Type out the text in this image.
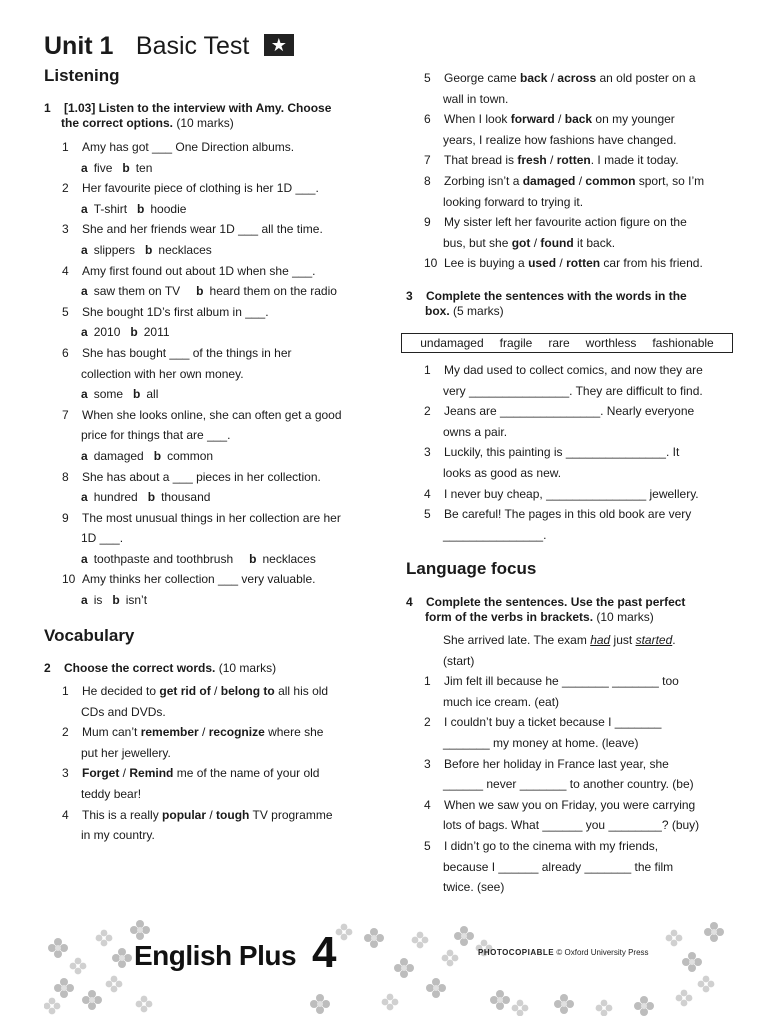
Unit 1 Basic Test ★
Listening
1 [1.03] Listen to the interview with Amy. Choose
the correct options. (10 marks)
1 Amy has got ___ One Direction albums.
a five b ten
2 Her favourite piece of clothing is her 1D ___.
a T-shirt b hoodie
3 She and her friends wear 1D ___ all the time.
a slippers b necklaces
4 Amy first found out about 1D when she ___.
a saw them on TV b heard them on the radio
5 She bought 1D’s first album in ___.
a 2010 b 2011
6 She has bought ___ of the things in her
collection with her own money.
a some b all
7 When she looks online, she can often get a good
price for things that are ___.
a damaged b common
8 She has about a ___ pieces in her collection.
a hundred b thousand
9 The most unusual things in her collection are her
1D ___.
a toothpaste and toothbrush b necklaces
10 Amy thinks her collection ___ very valuable.
a is b isn’t
Vocabulary
2 Choose the correct words. (10 marks)
1 He decided to get rid of / belong to all his old
CDs and DVDs.
2 Mum can’t remember / recognize where she
put her jewellery.
3 Forget / Remind me of the name of your old
teddy bear!
4 This is a really popular / tough TV programme
in my country.
5 George came back / across an old poster on a
wall in town.
6 When I look forward / back on my younger
years, I realize how fashions have changed.
7 That bread is fresh / rotten. I made it today.
8 Zorbing isn’t a damaged / common sport, so I’m
looking forward to trying it.
9 My sister left her favourite action figure on the
bus, but she got / found it back.
10 Lee is buying a used / rotten car from his friend.
3 Complete the sentences with the words in the
box. (5 marks)
undamaged   fragile   rare   worthless   fashionable
1 My dad used to collect comics, and now they are
very _______________. They are difficult to find.
2 Jeans are _______________. Nearly everyone
owns a pair.
3 Luckily, this painting is _______________. It
looks as good as new.
4 I never buy cheap, _______________ jewellery.
5 Be careful! The pages in this old book are very
_______________.
Language focus
4 Complete the sentences. Use the past perfect
form of the verbs in brackets. (10 marks)
She arrived late. The exam had just started.
(start)
1 Jim felt ill because he _______ _______ too
much ice cream. (eat)
2 I couldn’t buy a ticket because I _______
_______ my money at home. (leave)
3 Before her holiday in France last year, she
______ never _______ to another country. (be)
4 When we saw you on Friday, you were carrying
lots of bags. What ______ you ________? (buy)
5 I didn’t go to the cinema with my friends,
because I ______ already _______ the film
twice. (see)
English Plus 4	PHOTOCOPIABLE © Oxford University Press
